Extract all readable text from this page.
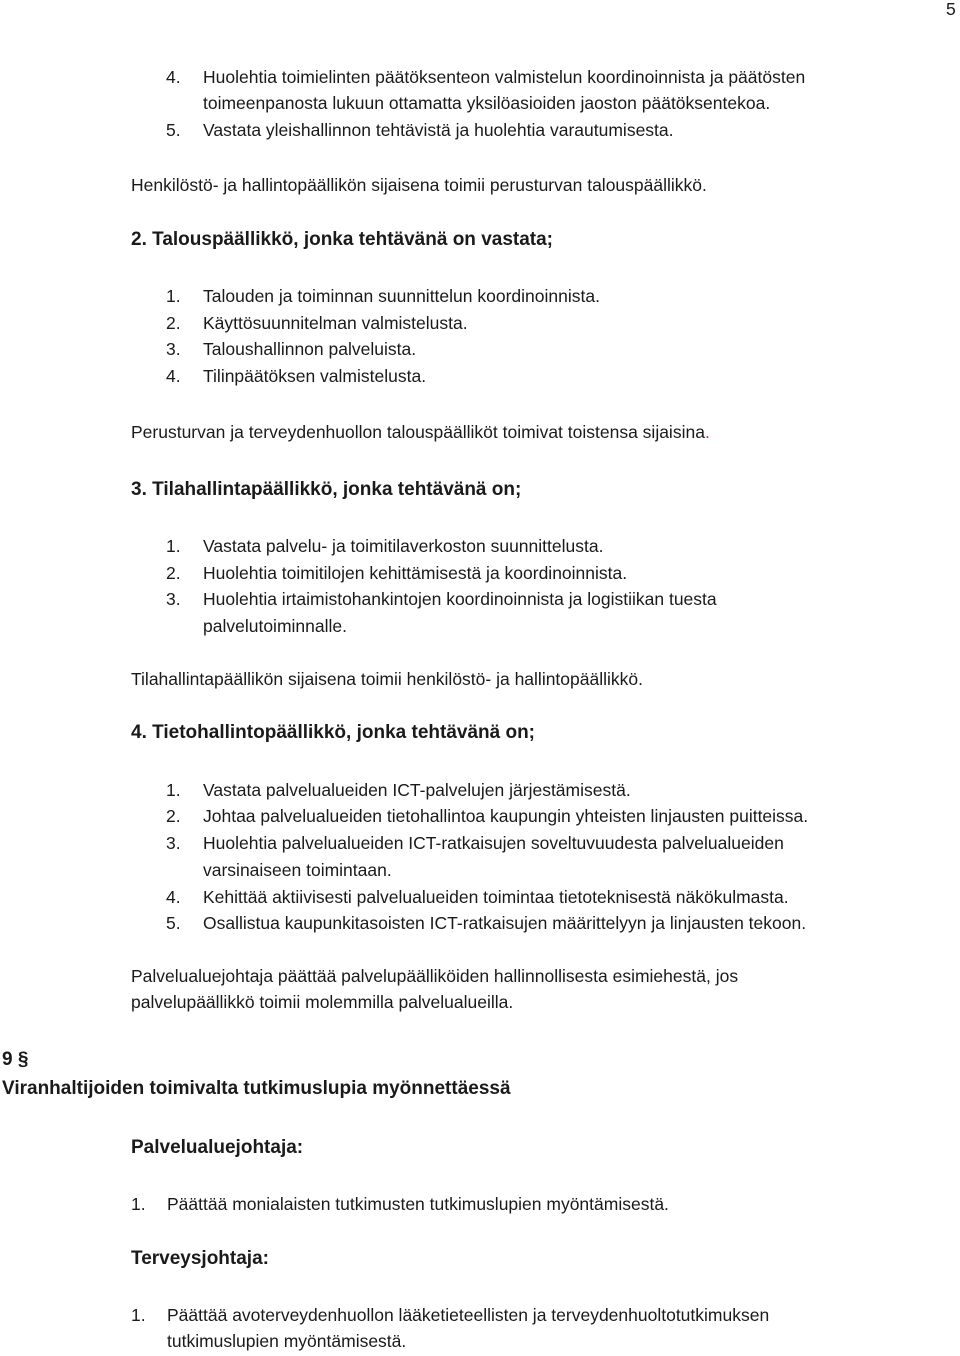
5
4.	Huolehtia toimielinten päätöksenteon valmistelun koordinoinnista ja päätösten
toimeenpanosta lukuun ottamatta yksilöasioiden jaoston päätöksentekoa.
5.	Vastata yleishallinnon tehtävistä ja huolehtia varautumisesta.
Henkilöstö- ja hallintopäällikön sijaisena toimii perusturvan talouspäällikkö.
2. Talouspäällikkö, jonka tehtävänä on vastata;
1.	Talouden ja toiminnan suunnittelun koordinoinnista.
2.	Käyttösuunnitelman valmistelusta.
3.	Taloushallinnon palveluista.
4.	Tilinpäätöksen valmistelusta.
Perusturvan ja terveydenhuollon talouspäälliköt toimivat toistensa sijaisina.
3. Tilahallintapäällikkö, jonka tehtävänä on;
1.	Vastata palvelu- ja toimitilaverkoston suunnittelusta.
2.	Huolehtia toimitilojen kehittämisestä ja koordinoinnista.
3.	Huolehtia irtaimistohankintojen koordinoinnista ja logistiikan tuesta
palvelutoiminnalle.
Tilahallintapäällikön sijaisena toimii henkilöstö- ja hallintopäällikkö.
4. Tietohallintopäällikkö, jonka tehtävänä on;
1.	Vastata palvelualueiden ICT-palvelujen järjestämisestä.
2.	Johtaa palvelualueiden tietohallintoa kaupungin yhteisten linjausten puitteissa.
3.	Huolehtia palvelualueiden ICT-ratkaisujen soveltuvuudesta palvelualueiden
varsinaiseen toimintaan.
4.	Kehittää aktiivisesti palvelualueiden toimintaa tietoteknisestä näkökulmasta.
5.	Osallistua kaupunkitasoisten ICT-ratkaisujen määrittelyyn ja linjausten tekoon.
Palvelualuejohtaja päättää palvelupäälliköiden hallinnollisesta esimiehestä, jos
palvelupäällikkö toimii molemmilla palvelualueilla.
9 §
Viranhaltijoiden toimivalta tutkimuslupia myönnettäessä
Palvelualuejohtaja:
1.	Päättää monialaisten tutkimusten tutkimuslupien myöntämisestä.
Terveysjohtaja:
1.	Päättää avoterveydenhuollon lääketieteellisten ja terveydenhuoltotutkimuksen
tutkimuslupien myöntämisestä.
